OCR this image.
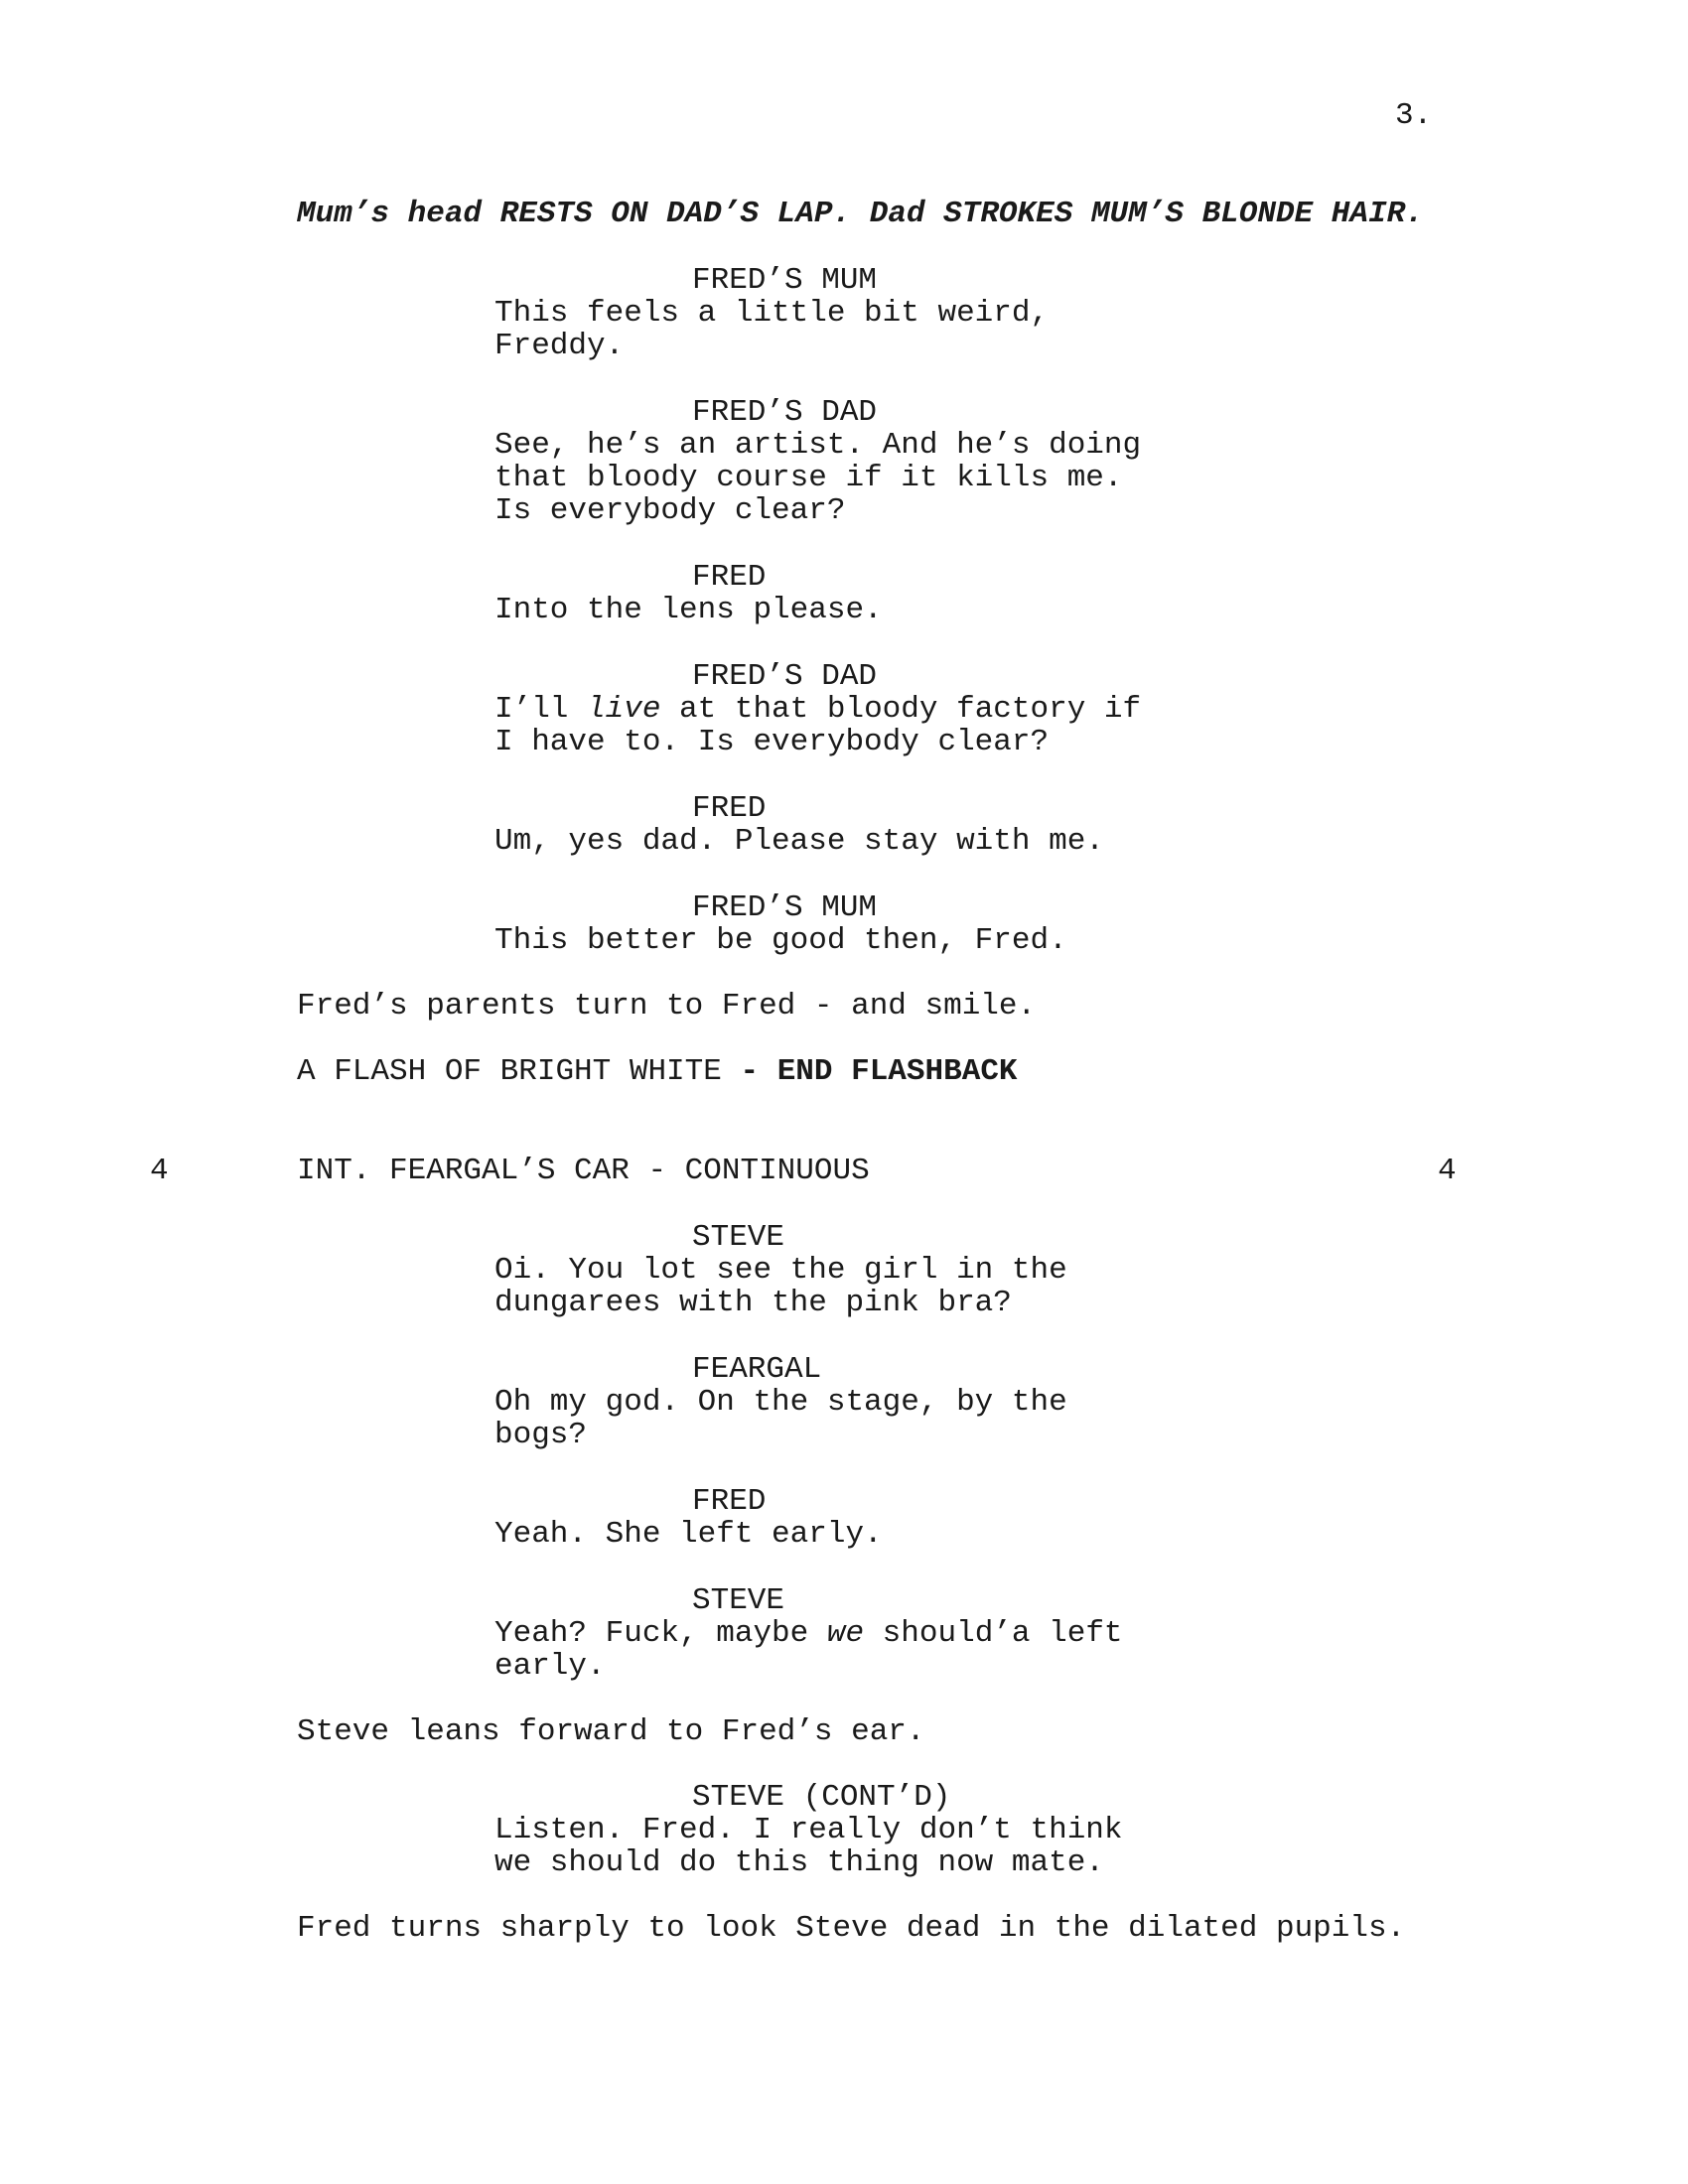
3.
Mum’s head RESTS ON DAD’S LAP. Dad STROKES MUM’S BLONDE HAIR.
FRED’S MUM
This feels a little bit weird,
Freddy.
FRED’S DAD
See, he’s an artist. And he’s doing
that bloody course if it kills me.
Is everybody clear?
FRED
Into the lens please.
FRED’S DAD
I’ll live at that bloody factory if
I have to. Is everybody clear?
FRED
Um, yes dad. Please stay with me.
FRED’S MUM
This better be good then, Fred.
Fred’s parents turn to Fred - and smile.
A FLASH OF BRIGHT WHITE - END FLASHBACK
4	INT. FEARGAL’S CAR - CONTINUOUS	4
STEVE
Oi. You lot see the girl in the
dungarees with the pink bra?
FEARGAL
Oh my god. On the stage, by the
bogs?
FRED
Yeah. She left early.
STEVE
Yeah? Fuck, maybe we should’a left
early.
Steve leans forward to Fred’s ear.
STEVE (CONT’D)
Listen. Fred. I really don’t think
we should do this thing now mate.
Fred turns sharply to look Steve dead in the dilated pupils.
